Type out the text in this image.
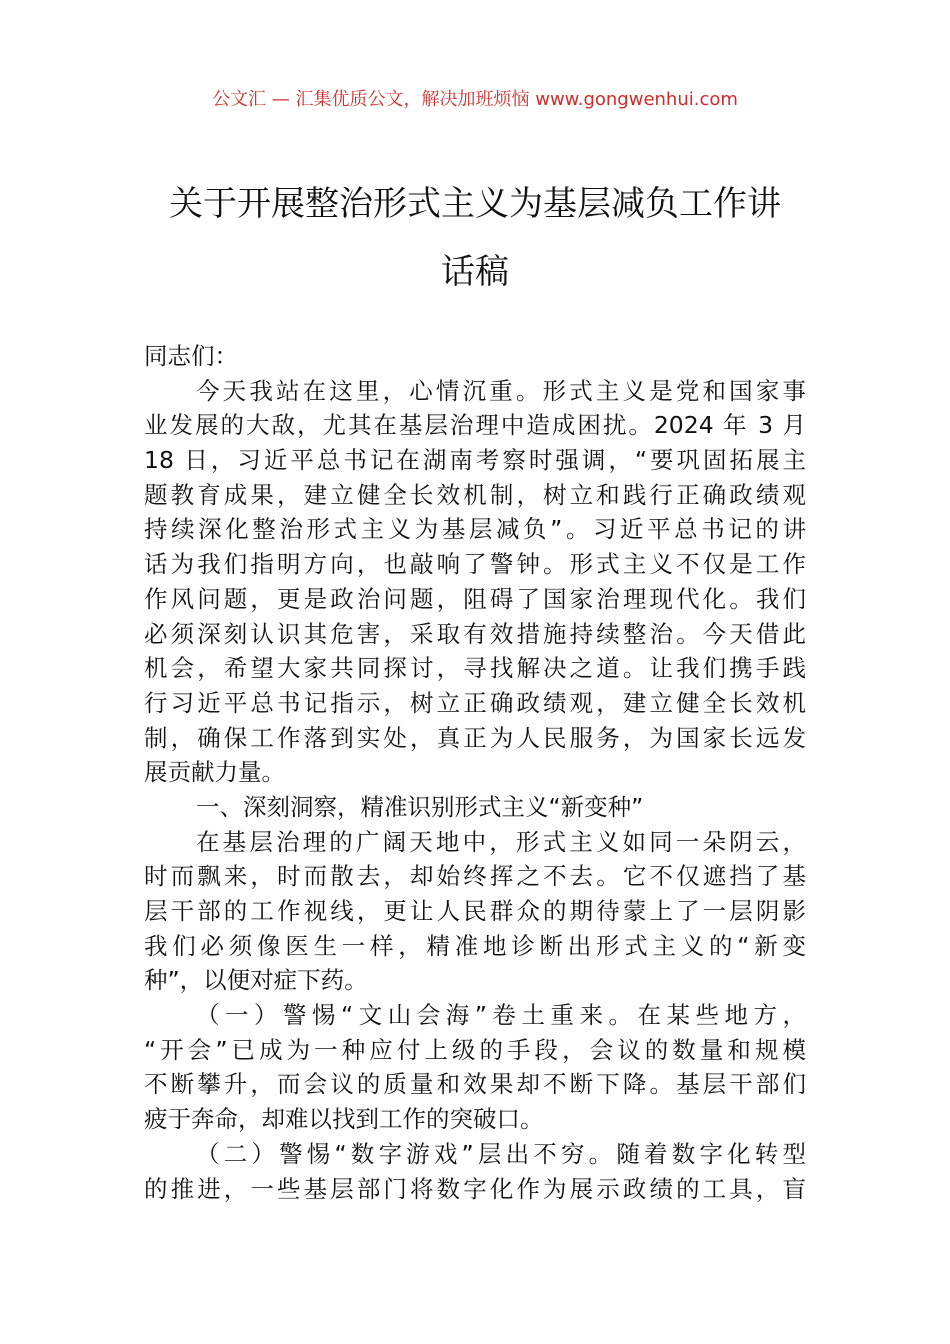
公文汇 — 汇集优质公文，解决加班烦恼 www.gongwenhui.com
关于开展整治形式主义为基层减负工作讲
话稿
同志们：
今天我站在这里，心情沉重。形式主义是党和国家事
业发展的大敌，尤其在基层治理中造成困扰。2024 年 3 月
18 日，习近平总书记在湖南考察时强调，“要巩固拓展主
题教育成果，建立健全长效机制，树立和践行正确政绩观
持续深化整治形式主义为基层减负”。习近平总书记的讲
话为我们指明方向，也敲响了警钟。形式主义不仅是工作
作风问题，更是政治问题，阻碍了国家治理现代化。我们
必须深刻认识其危害，采取有效措施持续整治。今天借此
机会，希望大家共同探讨，寻找解决之道。让我们携手践
行习近平总书记指示，树立正确政绩观，建立健全长效机
制，确保工作落到实处，真正为人民服务，为国家长远发
展贡献力量。
一、深刻洞察，精准识别形式主义“新变种”
在基层治理的广阔天地中，形式主义如同一朵阴云，
时而飘来，时而散去，却始终挥之不去。它不仅遮挡了基
层干部的工作视线，更让人民群众的期待蒙上了一层阴影
我们必须像医生一样，精准地诊断出形式主义的“新变
种”，以便对症下药。
（一）警惕“文山会海”卷土重来。在某些地方，
“开会”已成为一种应付上级的手段，会议的数量和规模
不断攀升，而会议的质量和效果却不断下降。基层干部们
疲于奔命，却难以找到工作的突破口。
（二）警惕“数字游戏”层出不穷。随着数字化转型
的推进，一些基层部门将数字化作为展示政绩的工具，盲
